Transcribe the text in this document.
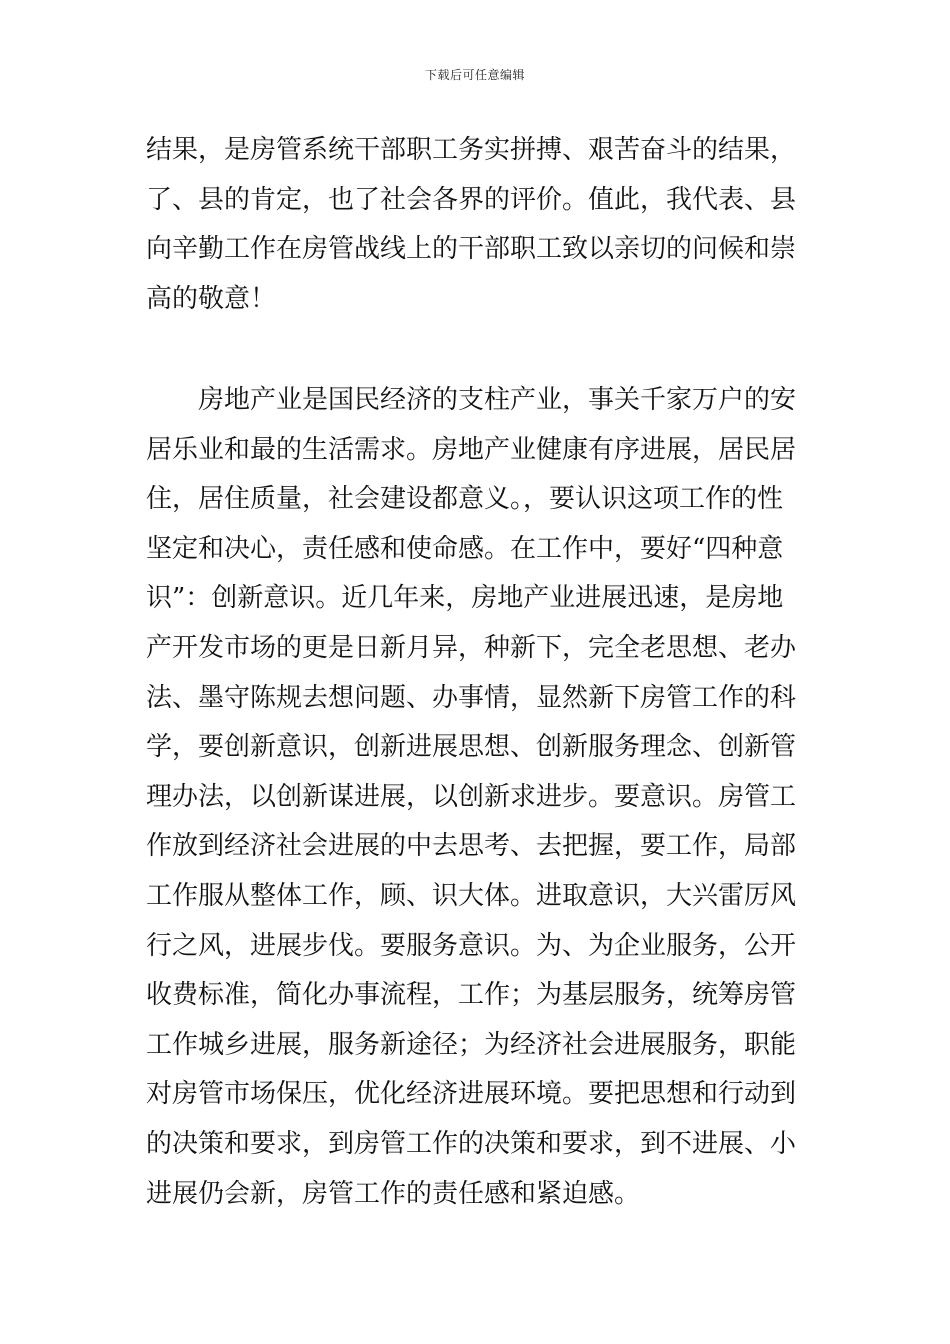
下载后可任意编辑

结果，是房管系统干部职工务实拼搏、艰苦奋斗的结果，
了、县的肯定，也了社会各界的评价。值此，我代表、县
向辛勤工作在房管战线上的干部职工致以亲切的问候和崇
高的敬意！

房地产业是国民经济的支柱产业，事关千家万户的安
居乐业和最的生活需求。房地产业健康有序进展，居民居
住，居住质量，社会建设都意义。，要认识这项工作的性
坚定和决心，责任感和使命感。在工作中，要好“四种意
识”：创新意识。近几年来，房地产业进展迅速，是房地
产开发市场的更是日新月异，种新下，完全老思想、老办
法、墨守陈规去想问题、办事情，显然新下房管工作的科
学，要创新意识，创新进展思想、创新服务理念、创新管
理办法，以创新谋进展，以创新求进步。要意识。房管工
作放到经济社会进展的中去思考、去把握，要工作，局部
工作服从整体工作，顾、识大体。进取意识，大兴雷厉风
行之风，进展步伐。要服务意识。为、为企业服务，公开
收费标准，简化办事流程，工作；为基层服务，统筹房管
工作城乡进展，服务新途径；为经济社会进展服务，职能
对房管市场保压，优化经济进展环境。要把思想和行动到
的决策和要求，到房管工作的决策和要求，到不进展、小
进展仍会新，房管工作的责任感和紧迫感。
